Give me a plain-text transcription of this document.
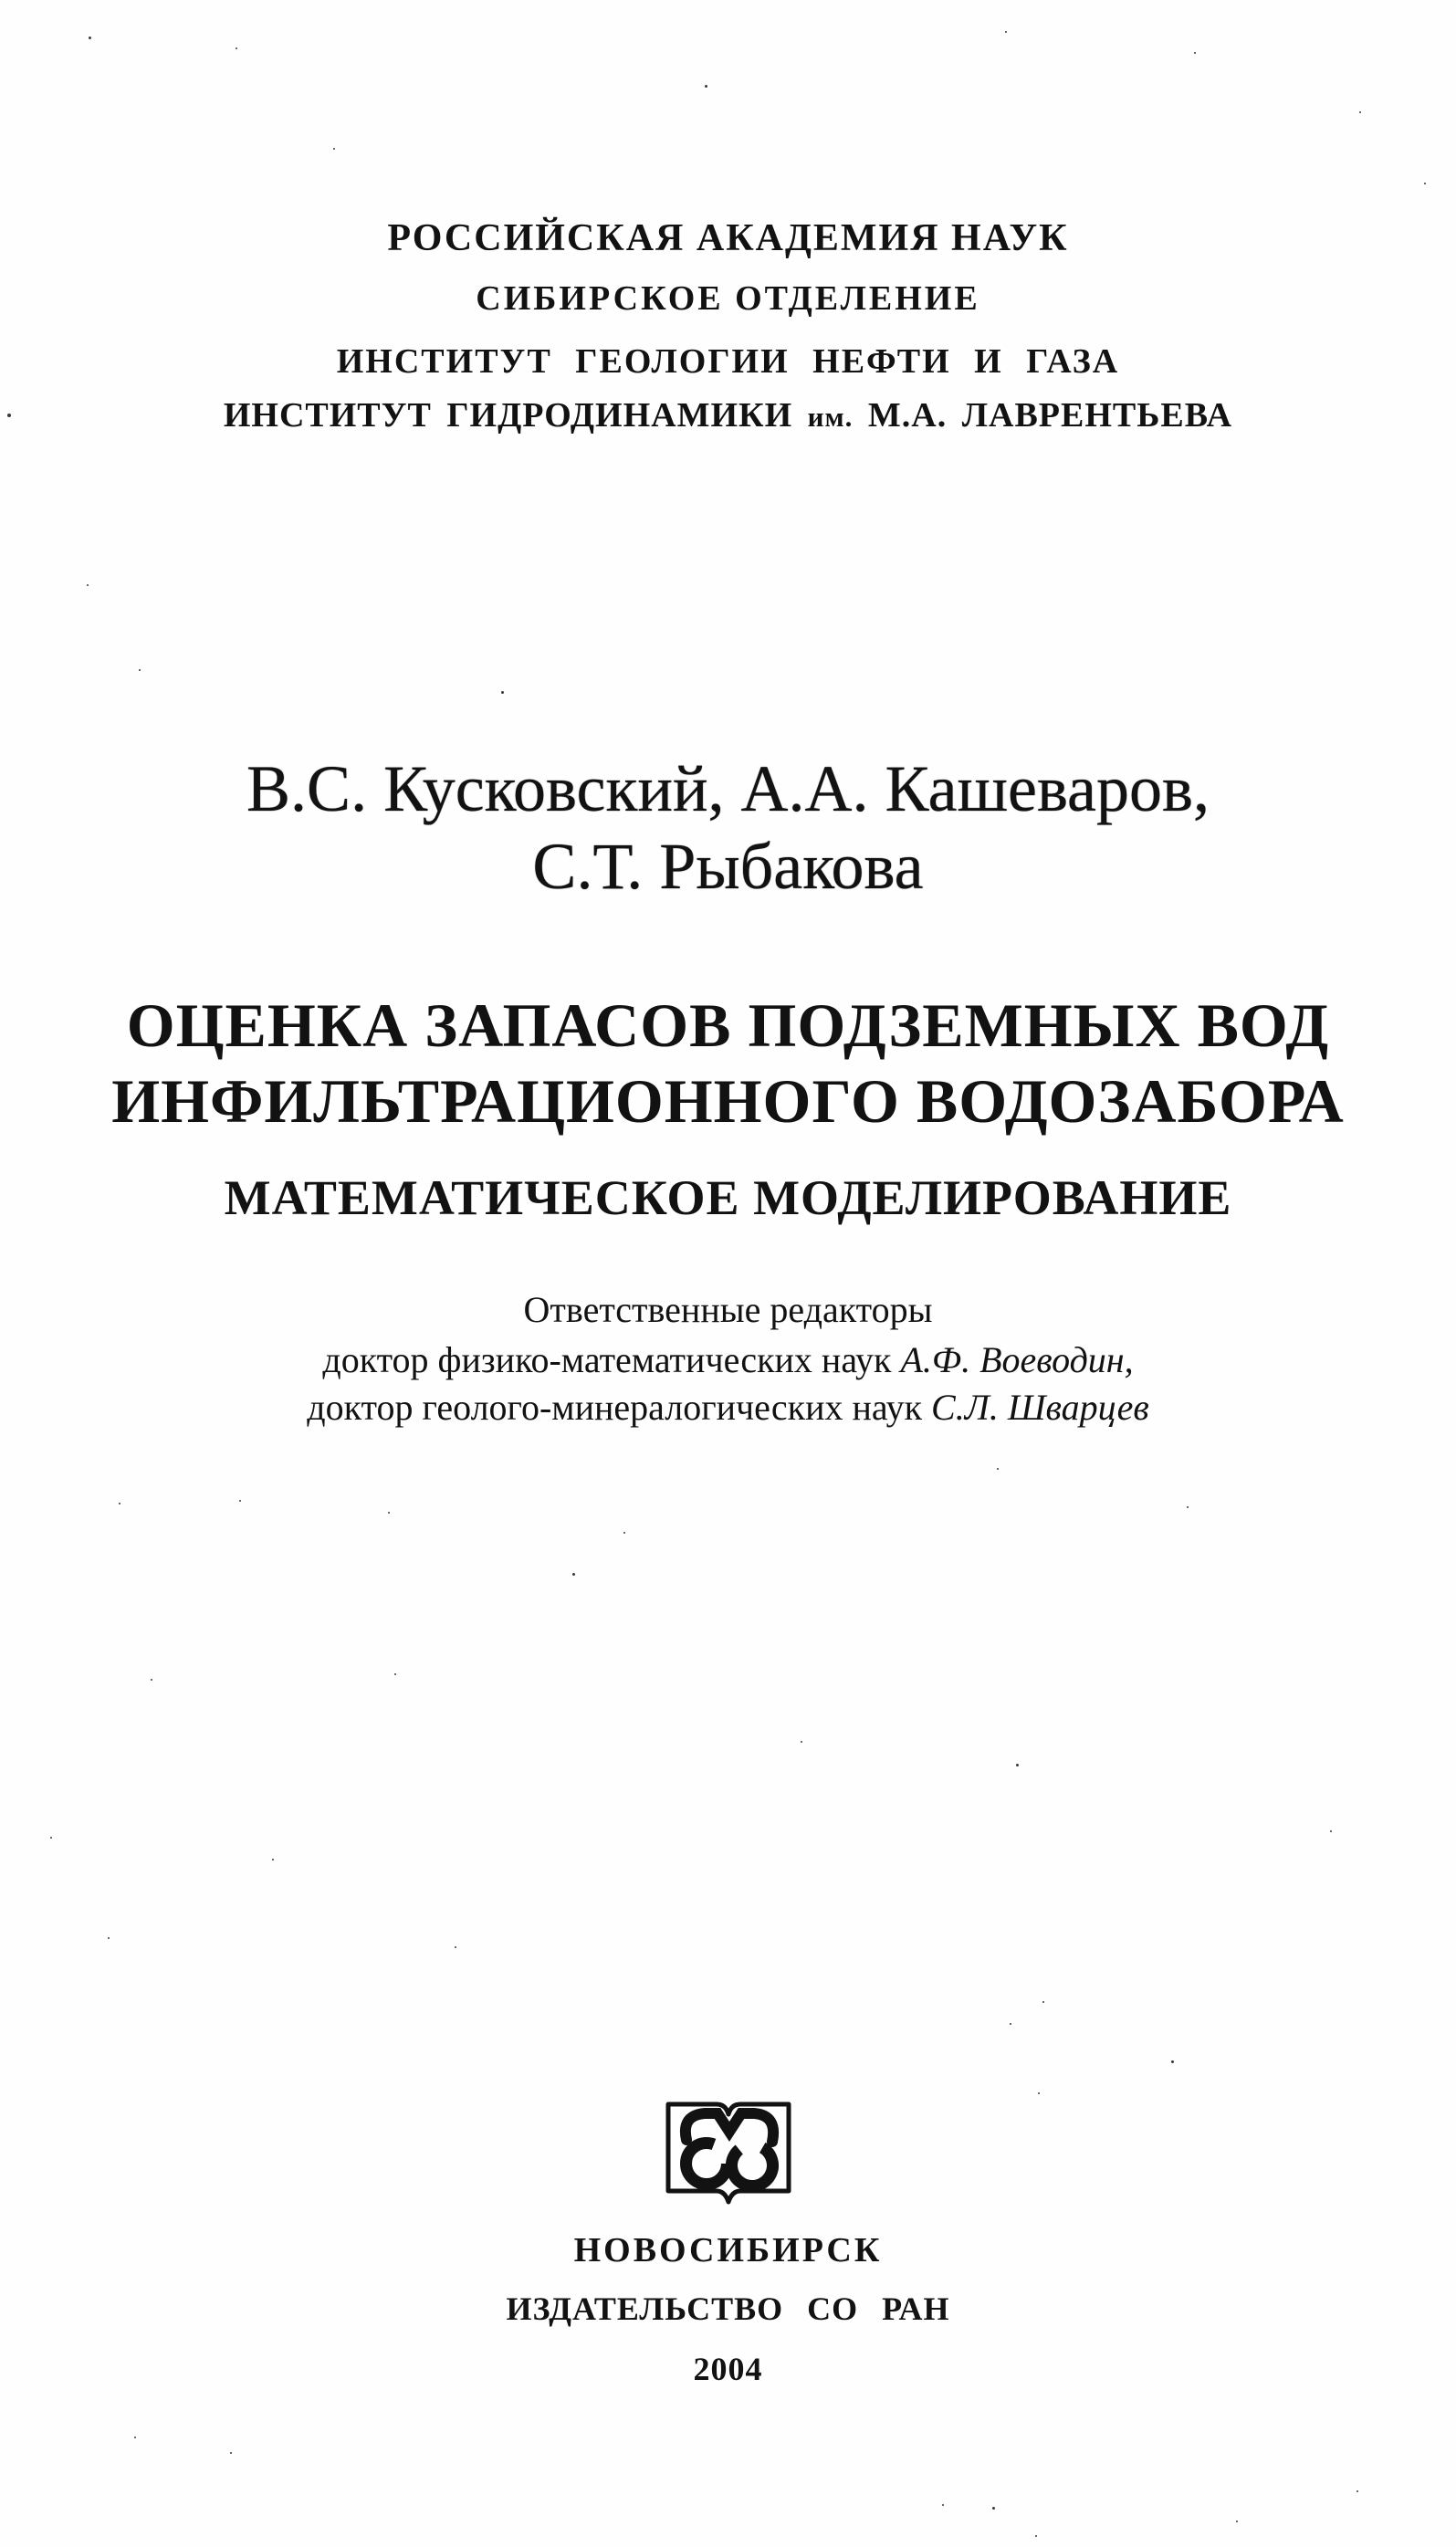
РОССИЙСКАЯ АКАДЕМИЯ НАУК
СИБИРСКОЕ ОТДЕЛЕНИЕ
ИНСТИТУТ ГЕОЛОГИИ НЕФТИ И ГАЗА
ИНСТИТУТ ГИДРОДИНАМИКИ им. М.А. ЛАВРЕНТЬЕВА
В.С. Кусковский, А.А. Кашеваров,
С.Т. Рыбакова
ОЦЕНКА ЗАПАСОВ ПОДЗЕМНЫХ ВОД
ИНФИЛЬТРАЦИОННОГО ВОДОЗАБОРА
МАТЕМАТИЧЕСКОЕ МОДЕЛИРОВАНИЕ
Ответственные редакторы
доктор физико-математических наук А.Ф. Воеводин,
доктор геолого-минералогических наук С.Л. Шварцев
НОВОСИБИРСК
ИЗДАТЕЛЬСТВО СО РАН
2004
